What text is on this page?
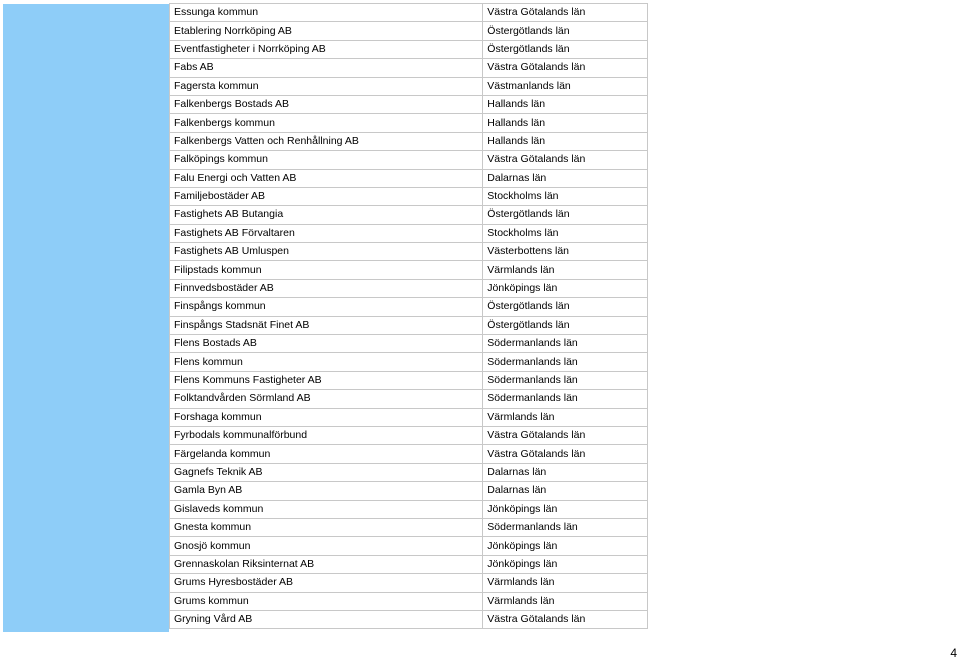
Essunga kommun	Västra Götalands län
Etablering Norrköping AB	Östergötlands län
Eventfastigheter i Norrköping AB	Östergötlands län
Fabs AB	Västra Götalands län
Fagersta kommun	Västmanlands län
Falkenbergs Bostads AB	Hallands län
Falkenbergs kommun	Hallands län
Falkenbergs Vatten och Renhållning AB	Hallands län
Falköpings kommun	Västra Götalands län
Falu Energi och Vatten AB	Dalarnas län
Familjebostäder AB	Stockholms län
Fastighets AB Butangia	Östergötlands län
Fastighets AB Förvaltaren	Stockholms län
Fastighets AB Umluspen	Västerbottens län
Filipstads kommun	Värmlands län
Finnvedsbostäder AB	Jönköpings län
Finspångs kommun	Östergötlands län
Finspångs Stadsnät Finet AB	Östergötlands län
Flens Bostads AB	Södermanlands län
Flens kommun	Södermanlands län
Flens Kommuns Fastigheter AB	Södermanlands län
Folktandvården Sörmland AB	Södermanlands län
Forshaga kommun	Värmlands län
Fyrbodals kommunalförbund	Västra Götalands län
Färgelanda kommun	Västra Götalands län
Gagnefs Teknik AB	Dalarnas län
Gamla Byn AB	Dalarnas län
Gislaveds kommun	Jönköpings län
Gnesta kommun	Södermanlands län
Gnosjö kommun	Jönköpings län
Grennaskolan Riksinternat AB	Jönköpings län
Grums Hyresbostäder AB	Värmlands län
Grums kommun	Värmlands län
Gryning Vård AB	Västra Götalands län
4
